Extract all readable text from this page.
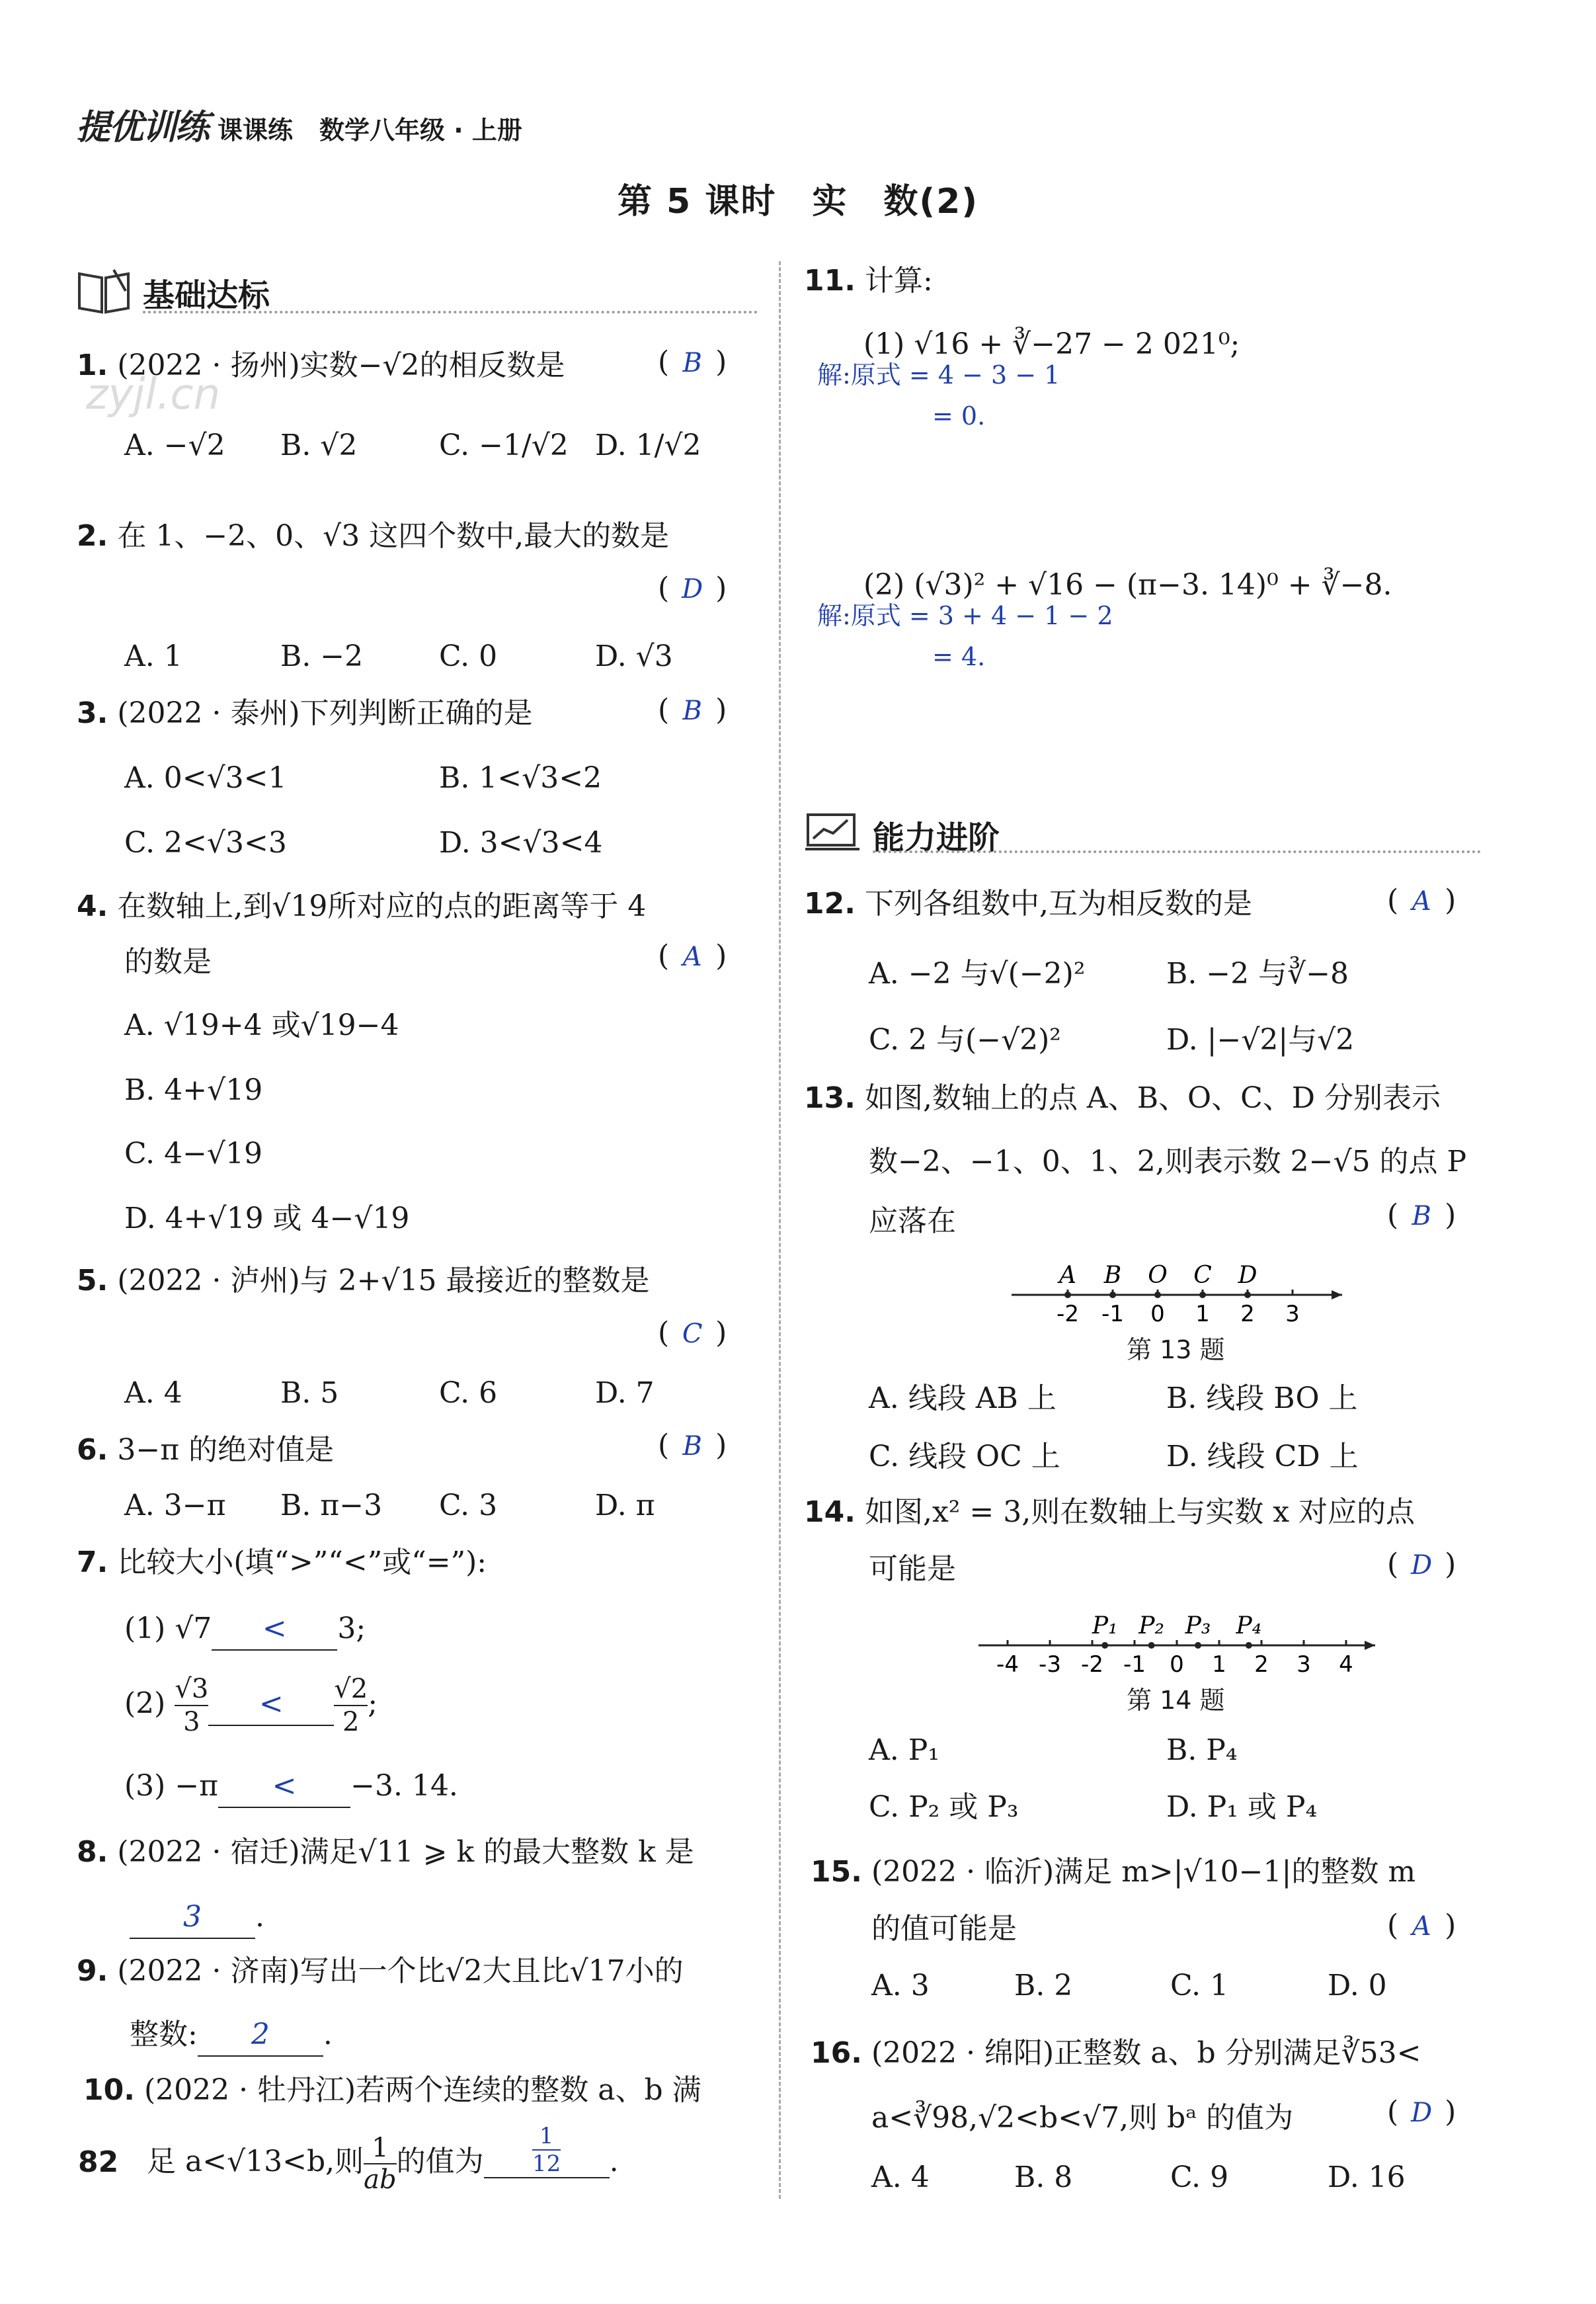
提优训练 课课练 数学八年级 · 上册
第 5 课时　实　数(2)
zyjl.cn
基础达标
1. (2022 · 扬州)实数−√2的相反数是	( B )
A. −√2 B. √2	C. −1/√2 D. 1/√2
2. 在 1、−2、0、√3 这四个数中,最大的数是
( D )
A. 1	B. −2	C. 0	D. √3
3. (2022 · 泰州)下列判断正确的是	( B )
A. 0<√3<1	B. 1<√3<2
C. 2<√3<3	D. 3<√3<4
4. 在数轴上,到√19所对应的点的距离等于 4
的数是	( A )
A. √19+4 或√19−4
B. 4+√19
C. 4−√19
D. 4+√19 或 4−√19
5. (2022 · 泸州)与 2+√15 最接近的整数是
( C )
A. 4	B. 5	C. 6	D. 7
6. 3−π 的绝对值是	( B )
A. 3−π B. π−3 C. 3	D. π
7. 比较大小(填“>”“<”或“=”):
(1) √7 < 3;
$(2) \frac{√3}{3} < \frac{√2}{2}$ ;
(3) −π < −3. 14.
8. (2022 · 宿迁)满足√11 ⩾ k 的最大整数 k 是
3 .
9. (2022 · 济南)写出一个比√2大且比√17小的
整数: 2 .
10. (2022 · 牡丹江)若两个连续的整数 a、b 满
足 a<√13<b,则 $\frac{1}{ab}$ 的值为 $\frac{1}{12}$ .
11. 计算:
(1) √16 + ∛−27 − 2 021⁰;
解:原式 = 4 − 3 − 1
= 0.
(2) (√3)² + √16 − (π−3. 14)⁰ + ∛−8.
解:原式 = 3 + 4 − 1 − 2
= 4.
能力进阶
12. 下列各组数中,互为相反数的是	( A )
A. −2 与√(−2)²	B. −2 与∛−8
C. 2 与(−√2)²	D. |−√2|与√2
13. 如图,数轴上的点 A、B、O、C、D 分别表示
数−2、−1、0、1、2,则表示数 2−√5 的点 P
应落在	( B )
-2 -1 0 1 2 3
A B O C D
第 13 题
A. 线段 AB 上	B. 线段 BO 上
C. 线段 OC 上	D. 线段 CD 上
14. 如图,x² = 3,则在数轴上与实数 x 对应的点
可能是	( D )
-4 -3 -2 -1 0 1 2 3 4
P₁ P₂ P₃ P₄
第 14 题
A. P₁	B. P₄
C. P₂ 或 P₃	D. P₁ 或 P₄
15. (2022 · 临沂)满足 m>|√10−1|的整数 m
的值可能是	( A )
A. 3	B. 2	C. 1	D. 0
16. (2022 · 绵阳)正整数 a、b 分别满足∛53<
a<∛98,√2<b<√7,则 bᵃ 的值为	( D )
A. 4	B. 8	C. 9	D. 16
82
